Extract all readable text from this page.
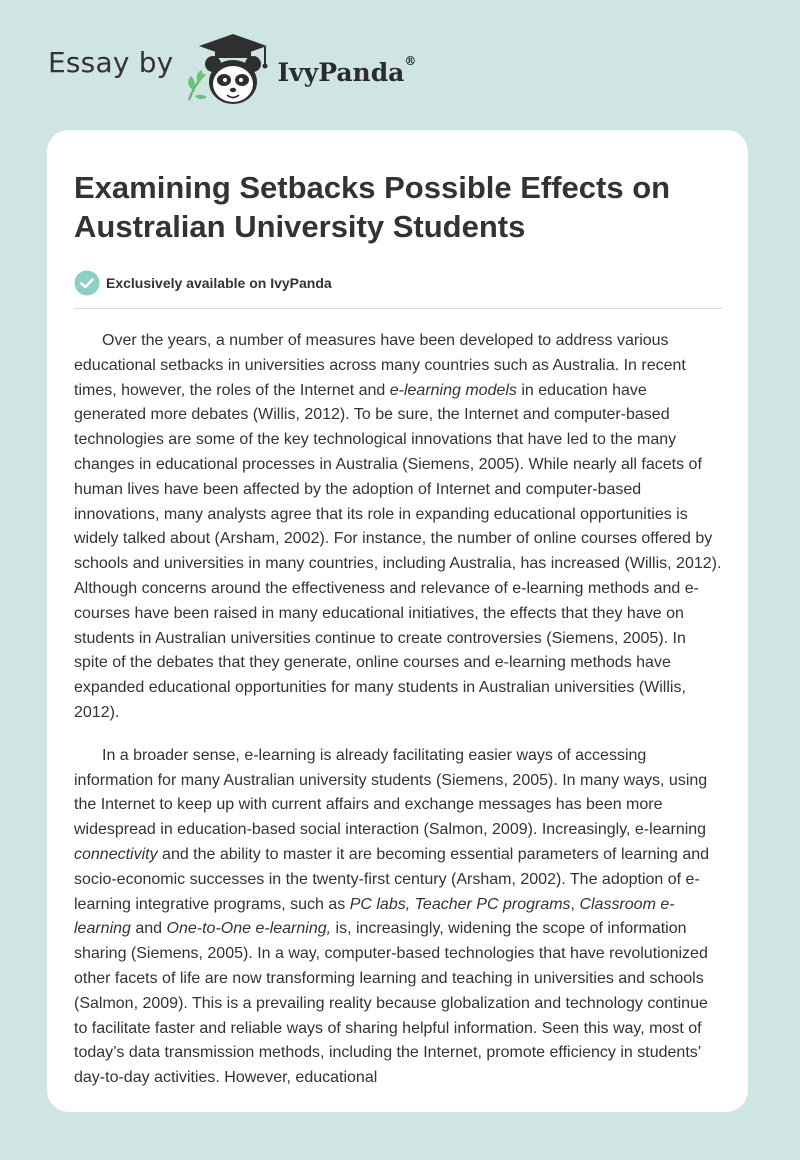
Essay by	IvyPanda®
Examining Setbacks Possible Effects on Australian University Students
Exclusively available on IvyPanda

Over the years, a number of measures have been developed to address various educational setbacks in universities across many countries such as Australia. In recent times, however, the roles of the Internet and e-learning models in education have generated more debates (Willis, 2012). To be sure, the Internet and computer-based technologies are some of the key technological innovations that have led to the many changes in educational processes in Australia (Siemens, 2005). While nearly all facets of human lives have been affected by the adoption of Internet and computer-based innovations, many analysts agree that its role in expanding educational opportunities is widely talked about (Arsham, 2002). For instance, the number of online courses offered by schools and universities in many countries, including Australia, has increased (Willis, 2012). Although concerns around the effectiveness and relevance of e-learning methods and e-courses have been raised in many educational initiatives, the effects that they have on students in Australian universities continue to create controversies (Siemens, 2005). In spite of the debates that they generate, online courses and e-learning methods have expanded educational opportunities for many students in Australian universities (Willis, 2012).

In a broader sense, e-learning is already facilitating easier ways of accessing information for many Australian university students (Siemens, 2005). In many ways, using the Internet to keep up with current affairs and exchange messages has been more widespread in education-based social interaction (Salmon, 2009). Increasingly, e-learning connectivity and the ability to master it are becoming essential parameters of learning and socio-economic successes in the twenty-first century (Arsham, 2002). The adoption of e-learning integrative programs, such as PC labs, Teacher PC programs, Classroom e-learning and One-to-One e-learning, is, increasingly, widening the scope of information sharing (Siemens, 2005). In a way, computer-based technologies that have revolutionized other facets of life are now transforming learning and teaching in universities and schools (Salmon, 2009). This is a prevailing reality because globalization and technology continue to facilitate faster and reliable ways of sharing helpful information. Seen this way, most of today’s data transmission methods, including the Internet, promote efficiency in students’ day-to-day activities. However, educational
